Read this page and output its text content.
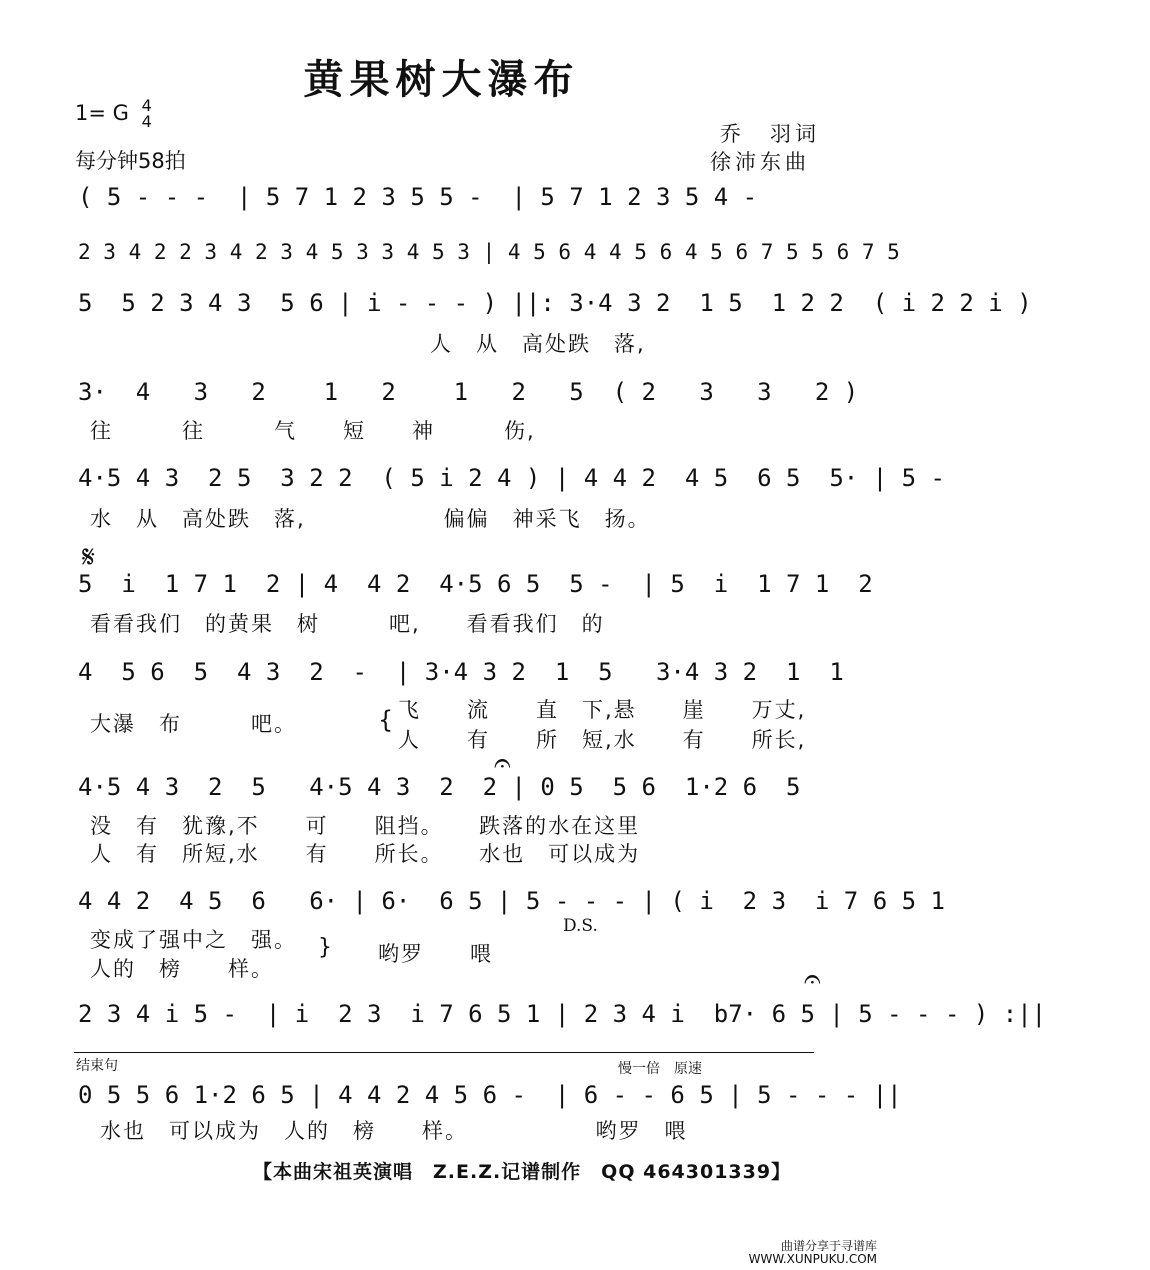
黄果树大瀑布
1= G 4
4
每分钟58拍
乔　羽词
徐沛东曲
( 5 - - -  | 5 7 1 2 3 5 5 -  | 5 7 1 2 3 5 4 -
2 3 4 2 2 3 4 2 3 4 5 3 3 4 5 3 | 4 5 6 4 4 5 6 4 5 6 7 5 5 6 7 5
5  5 2 3 4 3  5 6 | i - - - ) ||: 3·4 3 2  1 5  1 2 2  ( i 2 2 i )
人　从　高处跌　落,
3·  4   3   2    1   2    1   2   5  ( 2   3   3   2 )
往　　　往　　　气　　短　　神　　　伤,
4·5 4 3  2 5  3 2 2  ( 5 i 2 4 ) | 4 4 2  4 5  6 5  5· | 5 -
水　从　高处跌　落,　　　　　　偏偏　神采飞　扬。
𝄋
5  i  1 7 1  2 | 4  4 2  4·5 6 5  5 -  | 5  i  1 7 1  2
看看我们　的黄果　树　　　吧,　　看看我们　的
4  5 6  5  4 3  2  -  | 3·4 3 2  1  5   3·4 3 2  1  1
大瀑　布　　　吧。	{ 飞　　流　　直　下,悬　　崖　　万丈,
人　　有　　所　短,水　　有　　所长,
𝄐
4·5 4 3  2  5   4·5 4 3  2  2 | 0 5  5 6  1·2 6  5
没　有　犹豫,不　　可　　阻挡。　　跌落的水在这里
人　有　所短,水　　有　　所长。　　水也　可以成为
4 4 2  4 5  6   6· | 6·  6 5 | 5 - - - | ( i  2 3  i 7 6 5 1
D.S.
变成了强中之　强。
人的　榜　　样。
} 哟罗　　喂
𝄐
2 3 4 i 5 -  | i  2 3  i 7 6 5 1 | 2 3 4 i  b7· 6 5 | 5 - - - ) :||
结束句	慢一倍　原速
0 5 5 6 1·2 6 5 | 4 4 2 4 5 6 -  | 6 - - 6 5 | 5 - - - ||
水也　可以成为　人的　榜　　样。　　　　　　哟罗　喂
【本曲宋祖英演唱　Z.E.Z.记谱制作　QQ 464301339】
曲谱分享于寻谱库
WWW.XUNPUKU.COM
